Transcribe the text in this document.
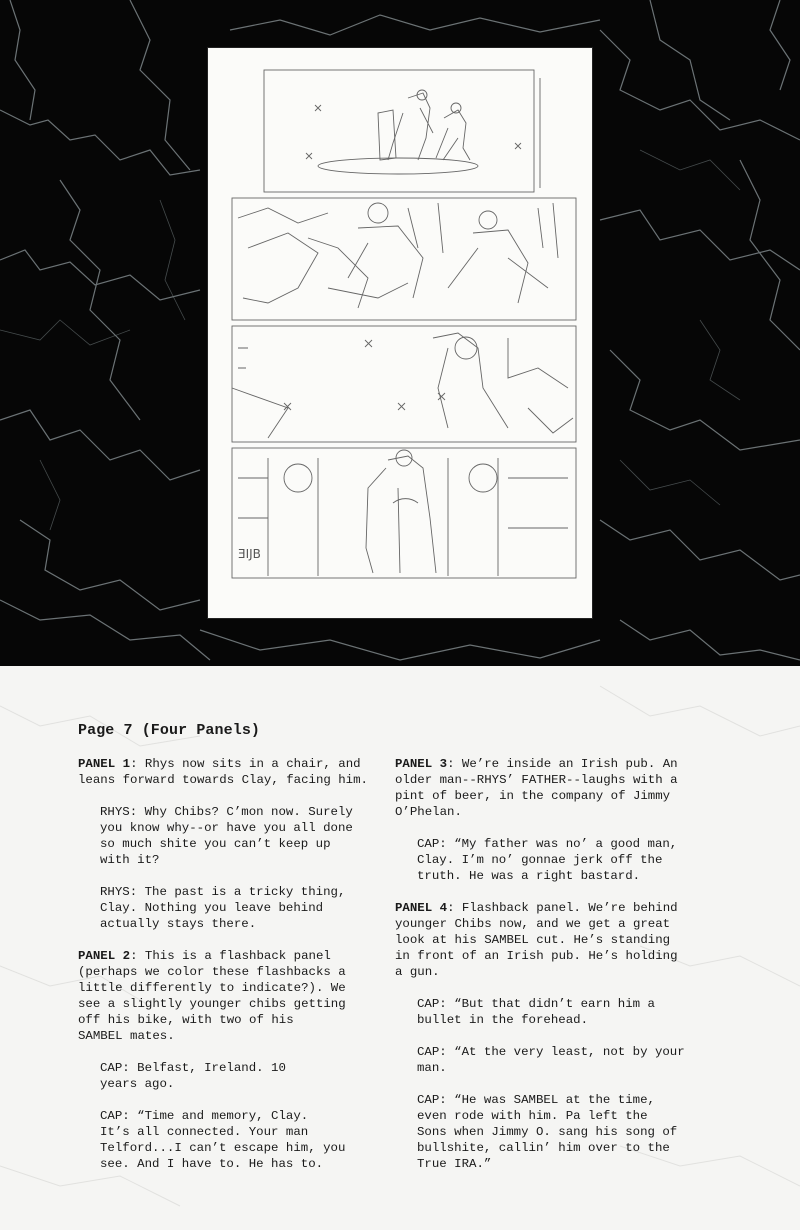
ƎIJB
Page 7 (Four Panels)

PANEL 1: Rhys now sits in a chair, and
leans forward towards Clay, facing him.

RHYS: Why Chibs? C’mon now. Surely
you know why--or have you all done
so much shite you can’t keep up
with it?

RHYS: The past is a tricky thing,
Clay. Nothing you leave behind
actually stays there.

PANEL 2: This is a flashback panel
(perhaps we color these flashbacks a
little differently to indicate?). We
see a slightly younger chibs getting
off his bike, with two of his
SAMBEL mates.

CAP: Belfast, Ireland. 10
years ago.

CAP: “Time and memory, Clay.
It’s all connected. Your man
Telford...I can’t escape him, you
see. And I have to. He has to.

PANEL 3: We’re inside an Irish pub. An
older man--RHYS’ FATHER--laughs with a
pint of beer, in the company of Jimmy
O’Phelan.

CAP: “My father was no’ a good man,
Clay. I’m no’ gonnae jerk off the
truth. He was a right bastard.

PANEL 4: Flashback panel. We’re behind
younger Chibs now, and we get a great
look at his SAMBEL cut. He’s standing
in front of an Irish pub. He’s holding
a gun.

CAP: “But that didn’t earn him a
bullet in the forehead.

CAP: “At the very least, not by your
man.

CAP: “He was SAMBEL at the time,
even rode with him. Pa left the
Sons when Jimmy O. sang his song of
bullshite, callin’ him over to the
True IRA.”
